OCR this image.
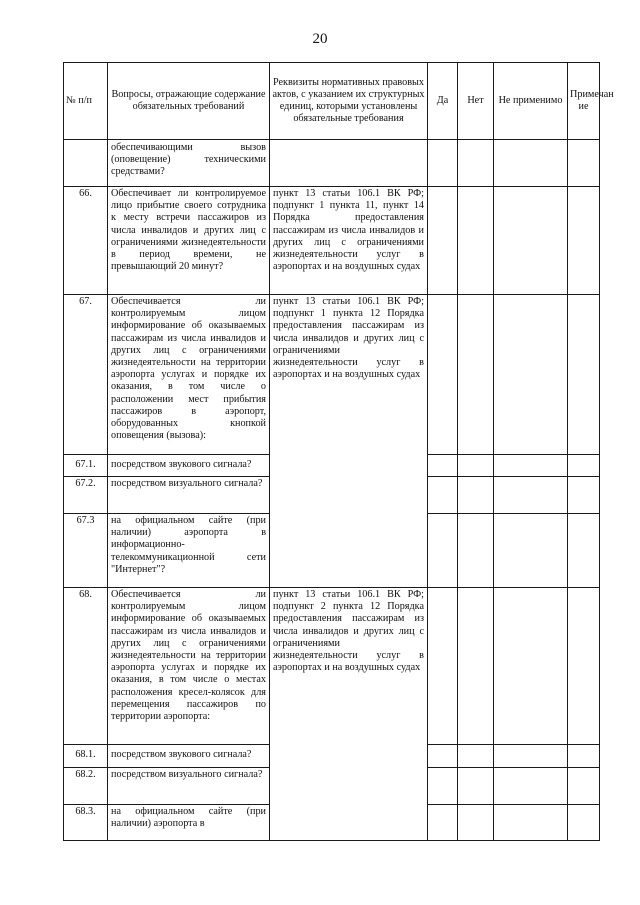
20
№ п/п	Вопросы, отражающие содержание обязательных требований	Реквизиты нормативных правовых актов, с указанием их структурных единиц, которыми установлены обязательные требования	Да	Нет	Не применимо	Примечан ие
	обеспечивающими вызов (оповещение) техническими средствами?					
66.	Обеспечивает ли контролируемое лицо прибытие своего сотрудника к месту встречи пассажиров из числа инвалидов и других лиц с ограничениями жизнедеятельности в период времени, не превышающий 20 минут?	пункт 13 статьи 106.1 ВК РФ; подпункт 1 пункта 11, пункт 14 Порядка предоставления пассажирам из числа инвалидов и других лиц с ограничениями жизнедеятельности услуг в аэропортах и на воздушных судах				
67.	Обеспечивается ли контролируемым лицом информирование об оказываемых пассажирам из числа инвалидов и других лиц с ограничениями жизнедеятельности на территории аэропорта услугах и порядке их оказания, в том числе о расположении мест прибытия пассажиров в аэропорт, оборудованных кнопкой оповещения (вызова):	пункт 13 статьи 106.1 ВК РФ; подпункт 1 пункта 12 Порядка предоставления пассажирам из числа инвалидов и других лиц с ограничениями жизнедеятельности услуг в аэропортах и на воздушных судах				
67.1.	посредством звукового сигнала?					
67.2.	посредством визуального сигнала?					
67.3	на официальном сайте (при наличии) аэропорта в информационно-телекоммуникационной сети "Интернет"?					
68.	Обеспечивается ли контролируемым лицом информирование об оказываемых пассажирам из числа инвалидов и других лиц с ограничениями жизнедеятельности на территории аэропорта услугах и порядке их оказания, в том числе о местах расположения кресел-колясок для перемещения пассажиров по территории аэропорта:	пункт 13 статьи 106.1 ВК РФ; подпункт 2 пункта 12 Порядка предоставления пассажирам из числа инвалидов и других лиц с ограничениями жизнедеятельности услуг в аэропортах и на воздушных судах				
68.1.	посредством звукового сигнала?					
68.2.	посредством визуального сигнала?					
68.3.	на официальном сайте (при наличии) аэропорта в					
